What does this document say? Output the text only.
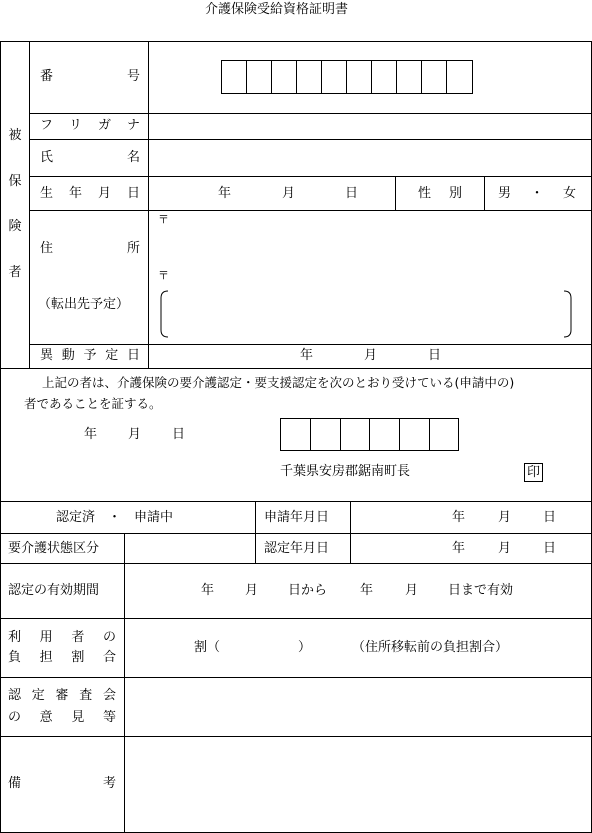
介護保険受給資格証明書
被
保
険
者
番	号
フ リ ガ ナ
氏	名
生 年 月 日	年	月	日	性 別	男 ・ 女
住	所
〒
〒
（転出先予定）
異 動 予 定 日	年	月	日
上記の者は、介護保険の要介護認定・要支援認定を次のとおり受けている(申請中の)
者であることを証する。
年 月 日
千葉県安房郡鋸南町長	印
認定済　・　申請中	申請年月日	年	月 日
要介護状態区分	認定年月日	年	月 日
認定の有効期間	年 月 日から	年 月 日まで有効
利 用 者 の
負 担 割 合
割（　　　　　　）	（住所移転前の負担割合）
認 定 審 査 会
の 意 見 等
備	考
